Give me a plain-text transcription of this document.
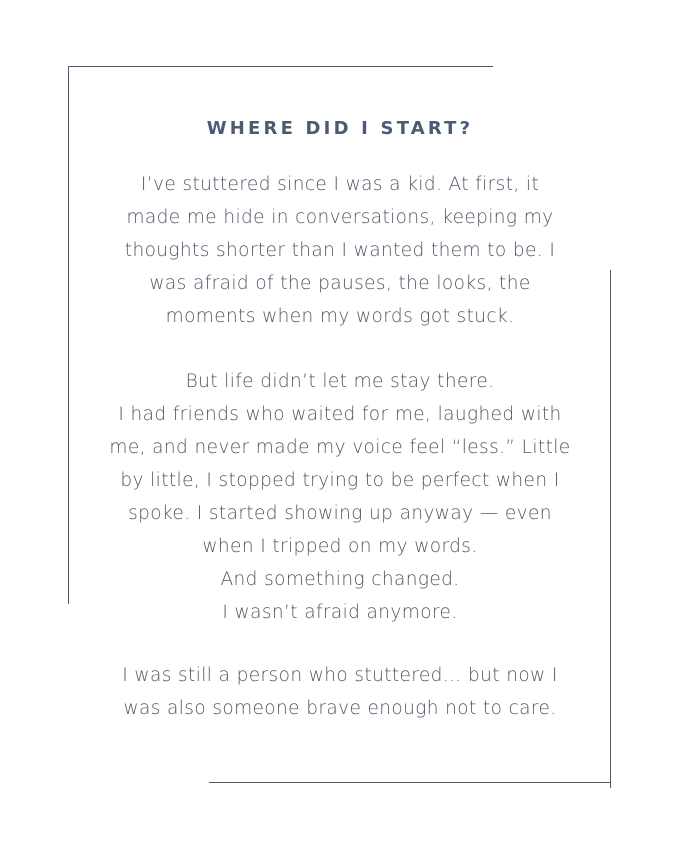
WHERE DID I START?
I’ve stuttered since I was a kid. At first, it
made me hide in conversations, keeping my
thoughts shorter than I wanted them to be. I
was afraid of the pauses, the looks, the
moments when my words got stuck.
But life didn’t let me stay there.
I had friends who waited for me, laughed with
me, and never made my voice feel “less.” Little
by little, I stopped trying to be perfect when I
spoke. I started showing up anyway — even
when I tripped on my words.
And something changed.
I wasn’t afraid anymore.
I was still a person who stuttered… but now I
was also someone brave enough not to care.
